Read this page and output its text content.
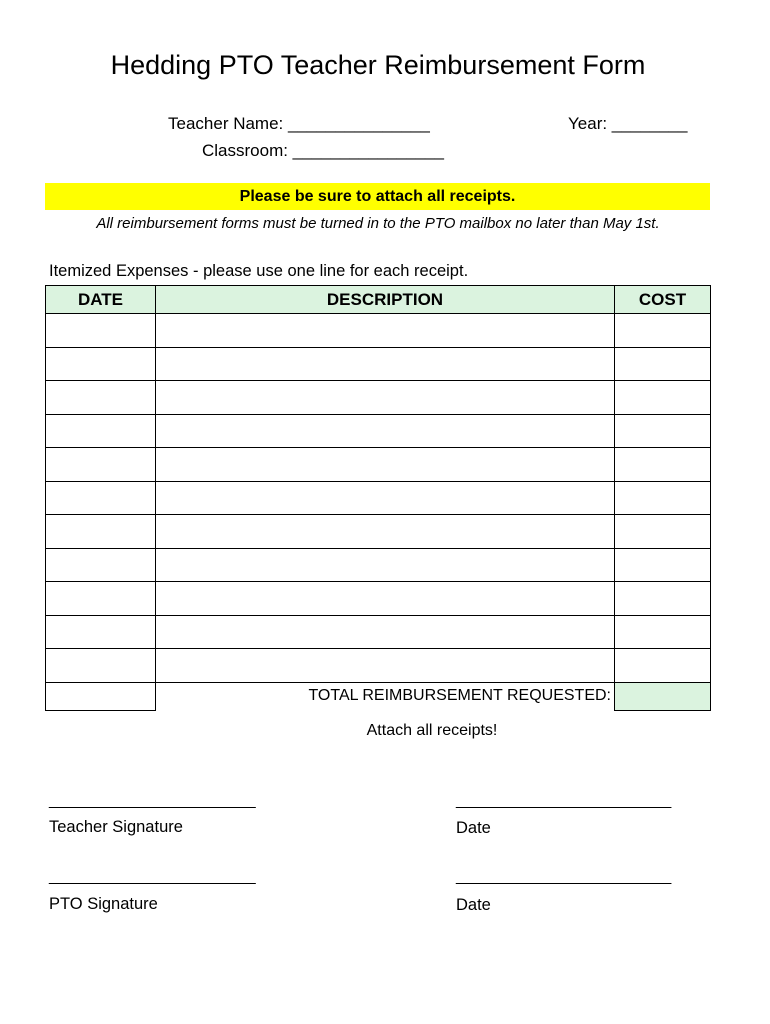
Hedding PTO Teacher Reimbursement Form
Teacher Name: _______________	Year: ________
Classroom: ________________
Please be sure to attach all receipts.
All reimbursement forms must be turned in to the PTO mailbox no later than May 1st.
Itemized Expenses - please use one line for each receipt.
DATE	DESCRIPTION	COST

	TOTAL REIMBURSEMENT REQUESTED:	
Attach all receipts!
________________________
Teacher Signature
_________________________
Date
________________________
PTO Signature
_________________________
Date
